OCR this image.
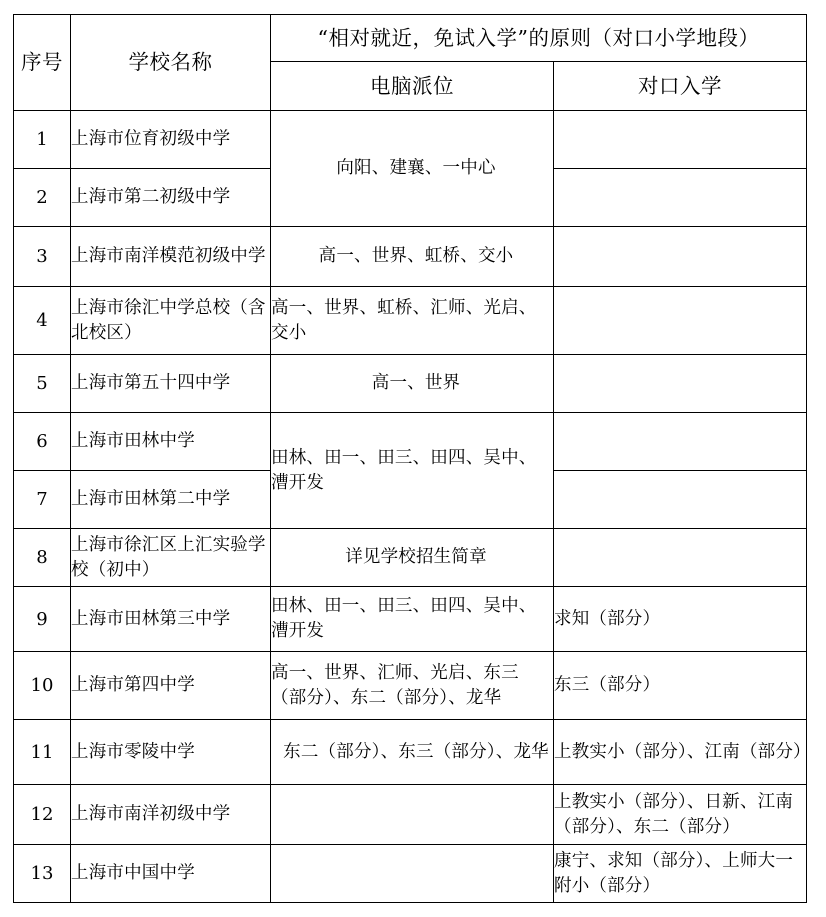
序号	学校名称	“相对就近，免试入学”的原则（对口小学地段）	
		电脑派位	对口入学
1	上海市位育初级中学	向阳、建襄、一中心	
2	上海市第二初级中学		
3	上海市南洋模范初级中学	高一、世界、虹桥、交小	
4	上海市徐汇中学总校（含北校区）	高一、世界、虹桥、汇师、光启、交小	
5	上海市第五十四中学	高一、世界	
6	上海市田林中学	田林、田一、田三、田四、吴中、漕开发	
7	上海市田林第二中学		
8	上海市徐汇区上汇实验学校（初中）	详见学校招生简章	
9	上海市田林第三中学	田林、田一、田三、田四、吴中、漕开发	求知（部分）
10	上海市第四中学	高一、世界、汇师、光启、东三（部分）、东二（部分）、龙华	东三（部分）
11	上海市零陵中学	东二（部分）、东三（部分）、龙华	上教实小（部分）、江南（部分）
12	上海市南洋初级中学		上教实小（部分）、日新、江南（部分）、东二（部分）
13	上海市中国中学		康宁、求知（部分）、上师大一附小（部分）
